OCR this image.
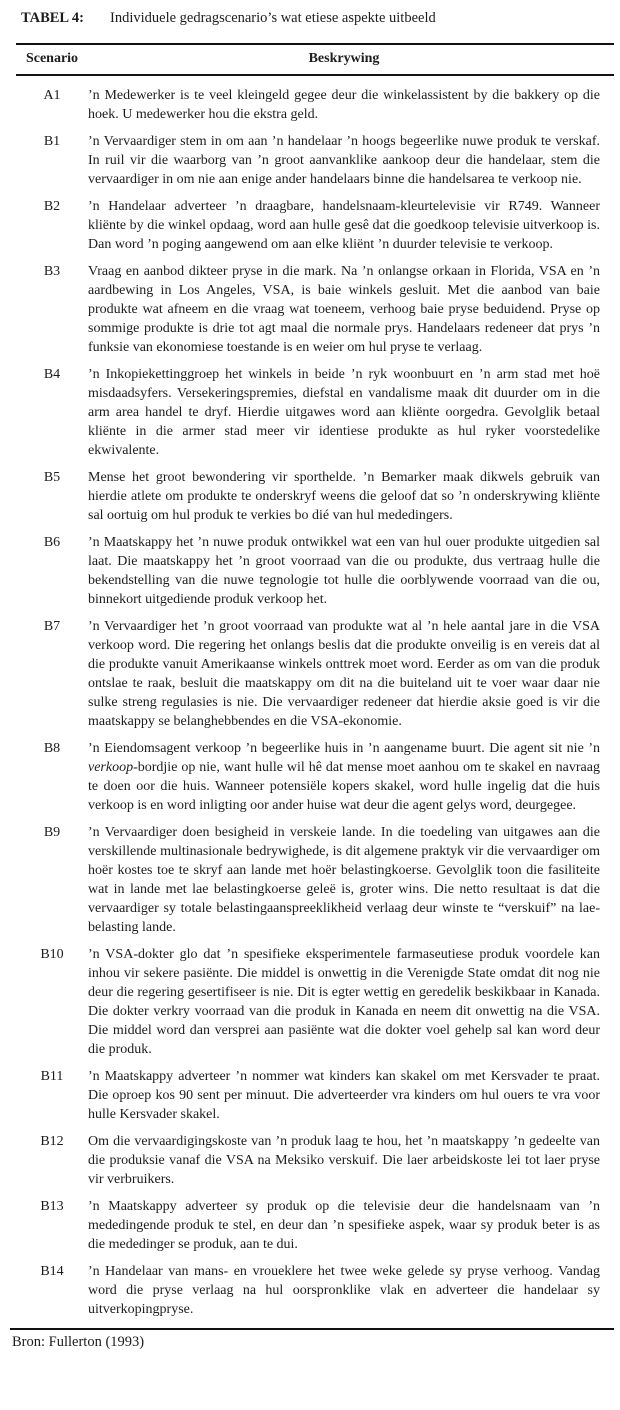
TABEL 4:	Individuele gedragscenario’s wat etiese aspekte uitbeeld
Scenario	Beskrywing
A1	’n Medewerker is te veel kleingeld gegee deur die winkelassistent by die bakkery op die hoek. U medewerker hou die ekstra geld.
B1	’n Vervaardiger stem in om aan ’n handelaar ’n hoogs begeerlike nuwe produk te verskaf. In ruil vir die waarborg van ’n groot aanvanklike aankoop deur die handelaar, stem die vervaardiger in om nie aan enige ander handelaars binne die handelsarea te verkoop nie.
B2	’n Handelaar adverteer ’n draagbare, handelsnaam-kleurtelevisie vir R749. Wanneer kliënte by die winkel opdaag, word aan hulle gesê dat die goedkoop televisie uitverkoop is. Dan word ’n poging aangewend om aan elke kliënt ’n duurder televisie te verkoop.
B3	Vraag en aanbod dikteer pryse in die mark. Na ’n onlangse orkaan in Florida, VSA en ’n aardbewing in Los Angeles, VSA, is baie winkels gesluit. Met die aanbod van baie produkte wat afneem en die vraag wat toeneem, verhoog baie pryse beduidend. Pryse op sommige produkte is drie tot agt maal die normale prys. Handelaars redeneer dat prys ’n funksie van ekonomiese toestande is en weier om hul pryse te verlaag.
B4	’n Inkopiekettinggroep het winkels in beide ’n ryk woonbuurt en ’n arm stad met hoë misdaadsyfers. Versekeringspremies, diefstal en vandalisme maak dit duurder om in die arm area handel te dryf. Hierdie uitgawes word aan kliënte oorgedra. Gevolglik betaal kliënte in die armer stad meer vir identiese produkte as hul ryker voorstedelike ekwivalente.
B5	Mense het groot bewondering vir sporthelde. ’n Bemarker maak dikwels gebruik van hierdie atlete om produkte te onderskryf weens die geloof dat so ’n onderskrywing kliënte sal oortuig om hul produk te verkies bo dié van hul mededingers.
B6	’n Maatskappy het ’n nuwe produk ontwikkel wat een van hul ouer produkte uitgedien sal laat. Die maatskappy het ’n groot voorraad van die ou produkte, dus vertraag hulle die bekendstelling van die nuwe tegnologie tot hulle die oorblywende voorraad van die ou, binnekort uitgediende produk verkoop het.
B7	’n Vervaardiger het ’n groot voorraad van produkte wat al ’n hele aantal jare in die VSA verkoop word. Die regering het onlangs beslis dat die produkte onveilig is en vereis dat al die produkte vanuit Amerikaanse winkels onttrek moet word. Eerder as om van die produk ontslae te raak, besluit die maatskappy om dit na die buiteland uit te voer waar daar nie sulke streng regulasies is nie. Die vervaardiger redeneer dat hierdie aksie goed is vir die maatskappy se belanghebbendes en die VSA-ekonomie.
B8	’n Eiendomsagent verkoop ’n begeerlike huis in ’n aangename buurt. Die agent sit nie ’n verkoop-bordjie op nie, want hulle wil hê dat mense moet aanhou om te skakel en navraag te doen oor die huis. Wanneer potensiële kopers skakel, word hulle ingelig dat die huis verkoop is en word inligting oor ander huise wat deur die agent gelys word, deurgegee.
B9	’n Vervaardiger doen besigheid in verskeie lande. In die toedeling van uitgawes aan die verskillende multinasionale bedrywighede, is dit algemene praktyk vir die vervaardiger om hoër kostes toe te skryf aan lande met hoër belastingkoerse. Gevolglik toon die fasiliteite wat in lande met lae belastingkoerse geleë is, groter wins. Die netto resultaat is dat die vervaardiger sy totale belastingaanspreeklikheid verlaag deur winste te “verskuif” na lae-belasting lande.
B10	’n VSA-dokter glo dat ’n spesifieke eksperimentele farmaseutiese produk voordele kan inhou vir sekere pasiënte. Die middel is onwettig in die Verenigde State omdat dit nog nie deur die regering gesertifiseer is nie. Dit is egter wettig en geredelik beskikbaar in Kanada. Die dokter verkry voorraad van die produk in Kanada en neem dit onwettig na die VSA. Die middel word dan versprei aan pasiënte wat die dokter voel gehelp sal kan word deur die produk.
B11	’n Maatskappy adverteer ’n nommer wat kinders kan skakel om met Kersvader te praat. Die oproep kos 90 sent per minuut. Die adverteerder vra kinders om hul ouers te vra voor hulle Kersvader skakel.
B12	Om die vervaardigingskoste van ’n produk laag te hou, het ’n maatskappy ’n gedeelte van die produksie vanaf die VSA na Meksiko verskuif. Die laer arbeidskoste lei tot laer pryse vir verbruikers.
B13	’n Maatskappy adverteer sy produk op die televisie deur die handelsnaam van ’n mededingende produk te stel, en deur dan ’n spesifieke aspek, waar sy produk beter is as die mededinger se produk, aan te dui.
B14	’n Handelaar van mans- en vroueklere het twee weke gelede sy pryse verhoog. Vandag word die pryse verlaag na hul oorspronklike vlak en adverteer die handelaar sy uitverkopingpryse.
Bron: Fullerton (1993)
